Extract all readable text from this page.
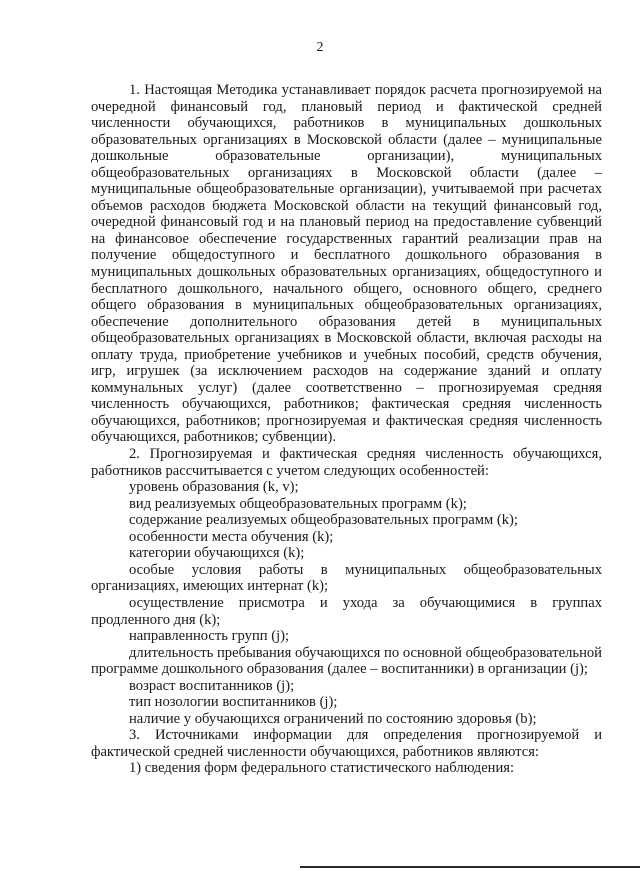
2

1. Настоящая Методика устанавливает порядок расчета прогнозируемой на очередной финансовый год, плановый период и фактической средней численности обучающихся, работников в муниципальных дошкольных образовательных организациях в Московской области (далее – муниципальные дошкольные образовательные организации), муниципальных общеобразовательных организациях в Московской области (далее – муниципальные общеобразовательные организации), учитываемой при расчетах объемов расходов бюджета Московской области на текущий финансовый год, очередной финансовый год и на плановый период на предоставление субвенций на финансовое обеспечение государственных гарантий реализации прав на получение общедоступного и бесплатного дошкольного образования в муниципальных дошкольных образовательных организациях, общедоступного и бесплатного дошкольного, начального общего, основного общего, среднего общего образования в муниципальных общеобразовательных организациях, обеспечение дополнительного образования детей в муниципальных общеобразовательных организациях в Московской области, включая расходы на оплату труда, приобретение учебников и учебных пособий, средств обучения, игр, игрушек (за исключением расходов на содержание зданий и оплату коммунальных услуг) (далее соответственно – прогнозируемая средняя численность обучающихся, работников; фактическая средняя численность обучающихся, работников; прогнозируемая и фактическая средняя численность обучающихся, работников; субвенции).

2. Прогнозируемая и фактическая средняя численность обучающихся, работников рассчитывается с учетом следующих особенностей:

уровень образования (k, v);

вид реализуемых общеобразовательных программ (k);

содержание реализуемых общеобразовательных программ (k);

особенности места обучения (k);

категории обучающихся (k);

особые условия работы в муниципальных общеобразовательных организациях, имеющих интернат (k);

осуществление присмотра и ухода за обучающимися в группах продленного дня (k);

направленность групп (j);

длительность пребывания обучающихся по основной общеобразовательной программе дошкольного образования (далее – воспитанники) в организации (j);

возраст воспитанников (j);

тип нозологии воспитанников (j);

наличие у обучающихся ограничений по состоянию здоровья (b);

3. Источниками информации для определения прогнозируемой и фактической средней численности обучающихся, работников являются:

1) сведения форм федерального статистического наблюдения:
